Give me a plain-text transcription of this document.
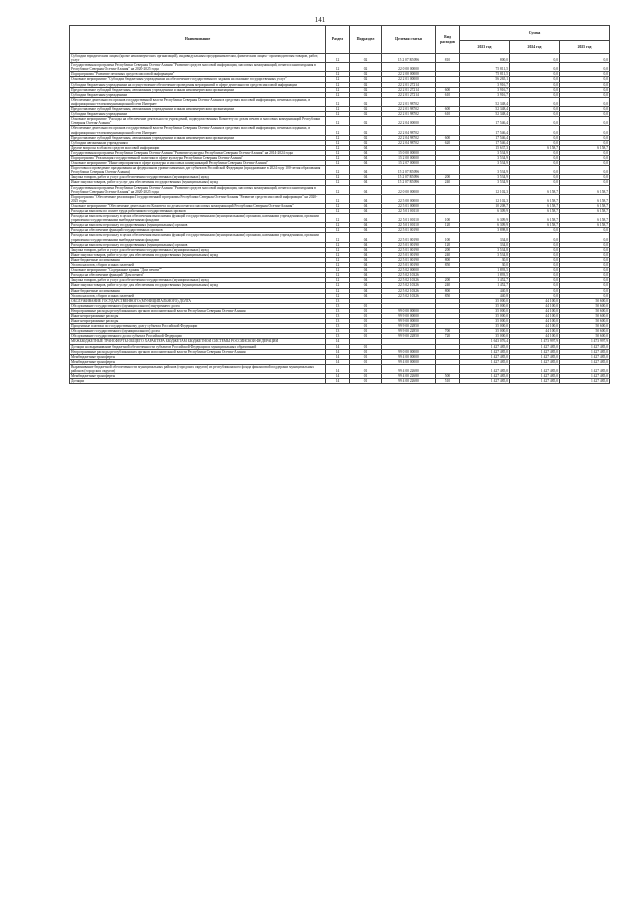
141
Наименование	Раздел	Подраздел	Целевая статья	Вид расходов	Сумма		
					2023 год	2024 год	2025 год
Субсидии юридическим лицам (кроме некоммерческих организаций), индивидуальным предпринимателям, физическим лицам - производителям товаров, работ, услуг	12	02	15 2 07 R5096	810	800,0	0,0	0,0
Государственная программа Республики Северная Осетия-Алания "Развитие средств массовой информации, массовых коммуникаций, печати и книгоиздания в Республике Северная Осетия-Алания" на 2020-2025 годы	12	02	22 0 00 00000		75 811,5	0,0	0,0
Подпрограмма "Развитие печатных средств массовой информации"	12	02	22 2 00 00000		75 811,5	0,0	0,0
Основное мероприятие "Субсидии бюджетным учреждениям на обеспечение государственного задания на оказание государственных услуг"	12	02	22 2 01 00000		56 265,1	0,0	0,0
Субсидии бюджетным учреждениям на осуществление обеспечение проведения мероприятий в сфере деятельности средств массовой информации	12	02	22 2 01 27214		3 916,7	0,0	0,0
Предоставление субсидий бюджетным, автономным учреждениям и иным некоммерческим организациям	12	02	22 2 01 27214	600	3 916,7	0,0	0,0
Субсидии бюджетным учреждениям	12	02	22 2 01 27214	610	3 916,7	0,0	0,0
Обеспечение деятельности органов государственной власти Республики Северная Осетия-Алания в средствах массовой информации, печатных изданиях, в информационно-телекоммуникационной сети Интернет	12	02	22 2 01 98702		52 348,4	0,0	0,0
Предоставление субсидий бюджетным, автономным учреждениям и иным некоммерческим организациям	12	02	22 2 01 98702	600	52 348,4	0,0	0,0
Субсидии бюджетным учреждениям	12	02	22 2 01 98702	610	52 348,4	0,0	0,0
Основное мероприятие "Расходы на обеспечение деятельности учреждений, подведомственных Комитету по делам печати и массовых коммуникаций Республики Северная Осетия-Алания"	12	02	22 2 04 00000		17 546,4	0,0	0,0
Обеспечение деятельности органов государственной власти Республики Северная Осетия-Алания в средствах массовой информации, печатных изданиях, в информационно-телекоммуникационной сети Интернет	12	02	22 2 04 98702		17 546,4	0,0	0,0
Предоставление субсидий бюджетным, автономным учреждениям и иным некоммерческим организациям	12	02	22 2 04 98702	600	17 546,4	0,0	0,0
Субсидии автономным учреждениям	12	02	22 2 04 98702	620	17 546,4	0,0	0,0
Другие вопросы в области средств массовой информации	12	04			15 637,3	6 158,7	6 158,7
Государственная программа Республики Северная Осетия-Алания "Развитие культуры Республики Северная Осетия-Алания" на 2014-2024 годы	12	04	15 0 00 00000		3 534,9	0,0	0,0
Подпрограмма "Реализация государственной политики в сфере культуры Республики Северная Осетия-Алания"	12	04	15 2 00 00000		3 534,9	0,0	0,0
Основное мероприятие "Иные мероприятия в сфере культуры и массовых коммуникаций Республики Северная Осетия-Алания"	12	04	15 2 07 00000		3 534,9	0,0	0,0
Подготовка и проведение празднования на федеральном уровне памятных дат субъектов Российской Федерации (празднование в 2024 году 100-летия образования Республики Северная Осетия-Алания)	12	04	15 2 07 R5096		3 534,9	0,0	0,0
Закупка товаров, работ и услуг для обеспечения государственных (муниципальных) нужд	12	04	15 2 07 R5096	200	3 534,9	0,0	0,0
Иные закупки товаров, работ и услуг для обеспечения государственных (муниципальных) нужд	12	04	15 2 07 R5096	240	3 534,9	0,0	0,0
Государственная программа Республики Северная Осетия-Алания "Развитие средств массовой информации, массовых коммуникаций, печати и книгоиздания в Республике Северная Осетия-Алания" на 2020-2025 годы	12	04	22 0 00 00000		12 102,3	6 158,7	6 158,7
Подпрограмма "Обеспечение реализации Государственной программы Республики Северная Осетия-Алания "Развитие средств массовой информации" на 2020-2025 годы	12	04	22 5 00 00000		12 102,3	6 158,7	6 158,7
Основное мероприятие "Обеспечение деятельности Комитета по делам печати и массовых коммуникаций Республики Северная Осетия-Алания"	12	04	22 5 01 00000		10 208,7	6 158,7	6 158,7
Расходы на выплаты по оплате труда работников государственных органов	12	04	22 5 01 00110		6 309,9	6 158,7	6 158,7
Расходы на выплаты персоналу в целях обеспечения выполнения функций государственными (муниципальными) органами, казенными учреждениями, органами управления государственными внебюджетными фондами	12	04	22 5 01 00110	100	6 309,9	6 158,7	6 158,7
Расходы на выплаты персоналу государственных (муниципальных) органов	12	04	22 5 01 00110	120	6 309,9	6 158,7	6 158,7
Расходы на обеспечение функций государственных органов	12	04	22 5 01 00190		3 898,8	0,0	0,0
Расходы на выплаты персоналу в целях обеспечения выполнения функций государственными (муниципальными) органами, казенными учреждениями, органами управления государственными внебюджетными фондами	12	04	22 5 01 00190	100	334,0	0,0	0,0
Расходы на выплаты персоналу государственных (муниципальных) органов	12	04	22 5 01 00190	120	334,0	0,0	0,0
Закупка товаров, работ и услуг для обеспечения государственных (муниципальных) нужд	12	04	22 5 01 00190	200	3 534,8	0,0	0,0
Иные закупки товаров, работ и услуг для обеспечения государственных (муниципальных) нужд	12	04	22 5 01 00190	240	3 534,8	0,0	0,0
Иные бюджетные ассигнования	12	04	22 5 01 00190	800	30,0	0,0	0,0
Уплата налогов, сборов и иных платежей	12	04	22 5 01 00190	850	30,0	0,0	0,0
Основное мероприятие "Содержание здания "Дом печати""	12	04	22 5 02 00000		1 893,5	0,0	0,0
Расходы на обеспечение функций "Дом печати"	12	04	22 5 02 10326		1 893,5	0,0	0,0
Закупка товаров, работ и услуг для обеспечения государственных (муниципальных) нужд	12	04	22 5 02 10326	200	1 452,7	0,0	0,0
Иные закупки товаров, работ и услуг для обеспечения государственных (муниципальных) нужд	12	04	22 5 02 10326	240	1 452,7	0,0	0,0
Иные бюджетные ассигнования	12	04	22 5 02 10326	800	440,8	0,0	0,0
Уплата налогов, сборов и иных платежей	12	04	22 5 02 10326	850	440,8	0,0	0,0
ОБСЛУЖИВАНИЕ ГОСУДАРСТВЕННОГО (МУНИЦИПАЛЬНОГО) ДОЛГА	13				35 000,0	44 100,0	50 600,0
Обслуживание государственного (муниципального) внутреннего долга	13	01			35 000,0	44 100,0	50 600,0
Непрограммные расходы республиканских органов исполнительной власти Республики Северная Осетия-Алания	13	01	99 0 00 00000		35 000,0	44 100,0	50 600,0
Иные непрограммные расходы	13	01	99 9 00 00000		35 000,0	44 100,0	50 600,0
Иные непрограммные расходы	13	01	99 9 00 00000		35 000,0	44 100,0	50 600,0
Процентные платежи по государственному долгу субъекта Российской Федерации	13	01	99 9 00 22850		35 000,0	44 100,0	50 600,0
Обслуживание государственного (муниципального) долга	13	01	99 9 00 22850	700	35 000,0	44 100,0	50 600,0
Обслуживание государственного долга субъекта Российской Федерации	13	01	99 9 00 22850	720	35 000,0	44 100,0	50 600,0
МЕЖБЮДЖЕТНЫЕ ТРАНСФЕРТЫ ОБЩЕГО ХАРАКТЕРА БЮДЖЕТАМ БЮДЖЕТНОЙ СИСТЕМЫ РОССИЙСКОЙ ФЕДЕРАЦИИ	14				1 643 076,4	1 473 997,9	1 473 997,9
Дотации на выравнивание бюджетной обеспеченности субъектов Российской Федерации и муниципальных образований	14	01			1 427 485,0	1 427 485,0	1 427 485,0
Непрограммные расходы республиканских органов исполнительной власти Республики Северная Осетия-Алания	14	01	99 0 00 00000		1 427 485,0	1 427 485,0	1 427 485,0
Межбюджетные трансферты	14	01	99 4 00 00000		1 427 485,0	1 427 485,0	1 427 485,0
Межбюджетные трансферты	14	01	99 4 00 00000		1 427 485,0	1 427 485,0	1 427 485,0
Выравнивание бюджетной обеспеченности муниципальных районов (городских округов) из республиканского фонда финансовой поддержки муниципальных районов (городских округов)	14	01	99 4 00 22680		1 427 485,0	1 427 485,0	1 427 485,0
Межбюджетные трансферты	14	01	99 4 00 22680	500	1 427 485,0	1 427 485,0	1 427 485,0
Дотации	14	01	99 4 00 22680	510	1 427 485,0	1 427 485,0	1 427 485,0
